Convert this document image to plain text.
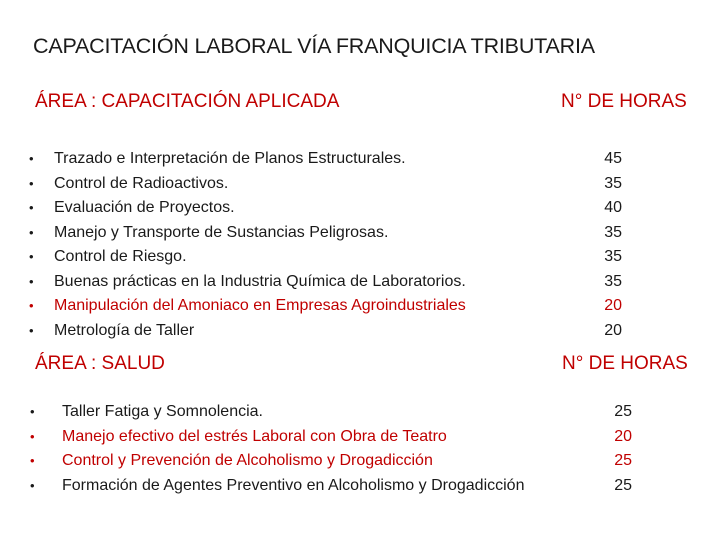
CAPACITACIÓN LABORAL VÍA FRANQUICIA TRIBUTARIA
ÁREA : CAPACITACIÓN APLICADA	N° DE HORAS
• Trazado e Interpretación de Planos Estructurales.	45
• Control de Radioactivos.	35
• Evaluación de Proyectos.	40
• Manejo y Transporte de Sustancias Peligrosas.	35
• Control de Riesgo.	35
• Buenas prácticas en la Industria Química de Laboratorios.	35
• Manipulación del Amoniaco en Empresas Agroindustriales	20
• Metrología de Taller	20
ÁREA : SALUD	N° DE HORAS
• Taller Fatiga y Somnolencia.	25
• Manejo efectivo del estrés Laboral con Obra de Teatro	20
• Control y Prevención de Alcoholismo y Drogadicción	25
• Formación de Agentes Preventivo en Alcoholismo y Drogadicción	25
